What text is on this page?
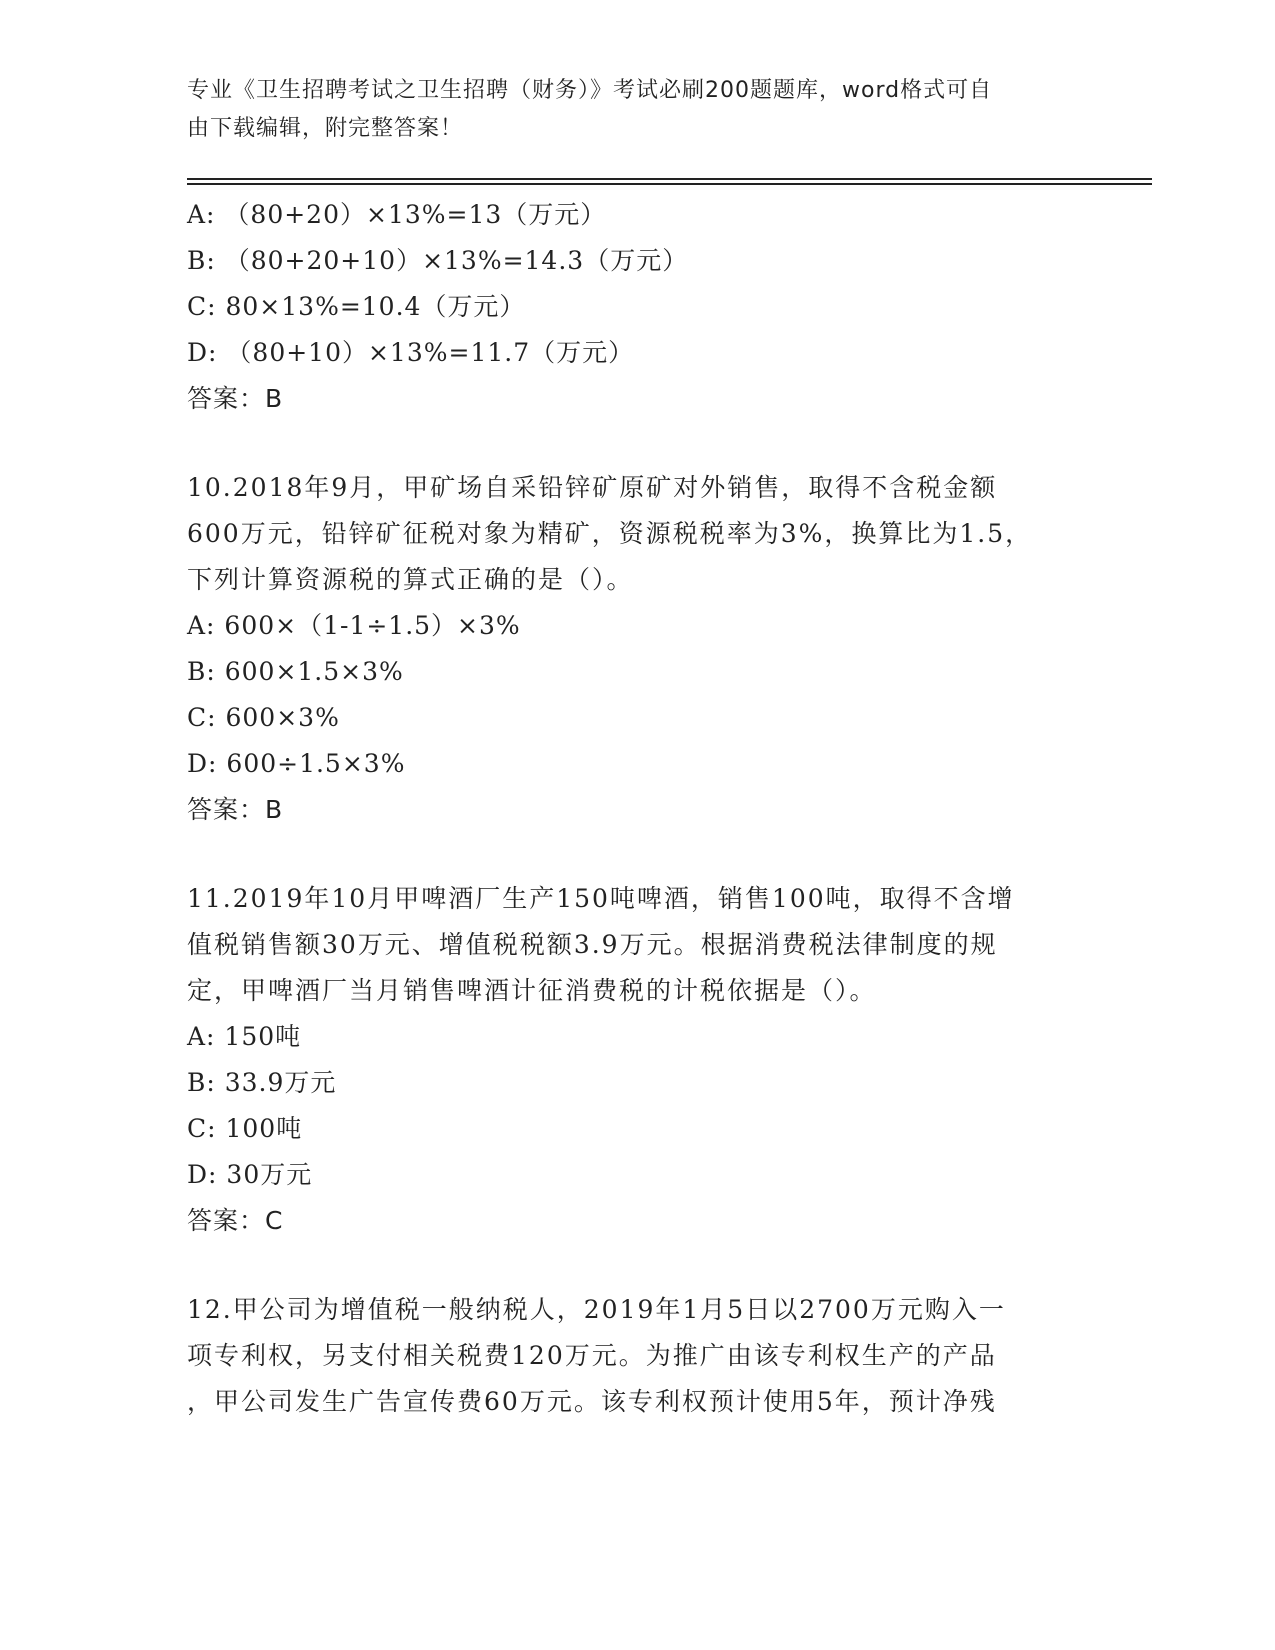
专业《卫生招聘考试之卫生招聘（财务）》考试必刷200题题库，word格式可自
由下载编辑，附完整答案！
A: （80+20）×13%=13（万元）
B: （80+20+10）×13%=14.3（万元）
C: 80×13%=10.4（万元）
D: （80+10）×13%=11.7（万元）
答案：B
10.2018年9月，甲矿场自采铅锌矿原矿对外销售，取得不含税金额
600万元，铅锌矿征税对象为精矿，资源税税率为3%，换算比为1.5，
下列计算资源税的算式正确的是（）。
A: 600×（1-1÷1.5）×3%
B: 600×1.5×3%
C: 600×3%
D: 600÷1.5×3%
答案：B
11.2019年10月甲啤酒厂生产150吨啤酒，销售100吨，取得不含增
值税销售额30万元、增值税税额3.9万元。根据消费税法律制度的规
定，甲啤酒厂当月销售啤酒计征消费税的计税依据是（）。
A: 150吨
B: 33.9万元
C: 100吨
D: 30万元
答案：C
12.甲公司为增值税一般纳税人，2019年1月5日以2700万元购入一
项专利权，另支付相关税费120万元。为推广由该专利权生产的产品
，甲公司发生广告宣传费60万元。该专利权预计使用5年，预计净残
